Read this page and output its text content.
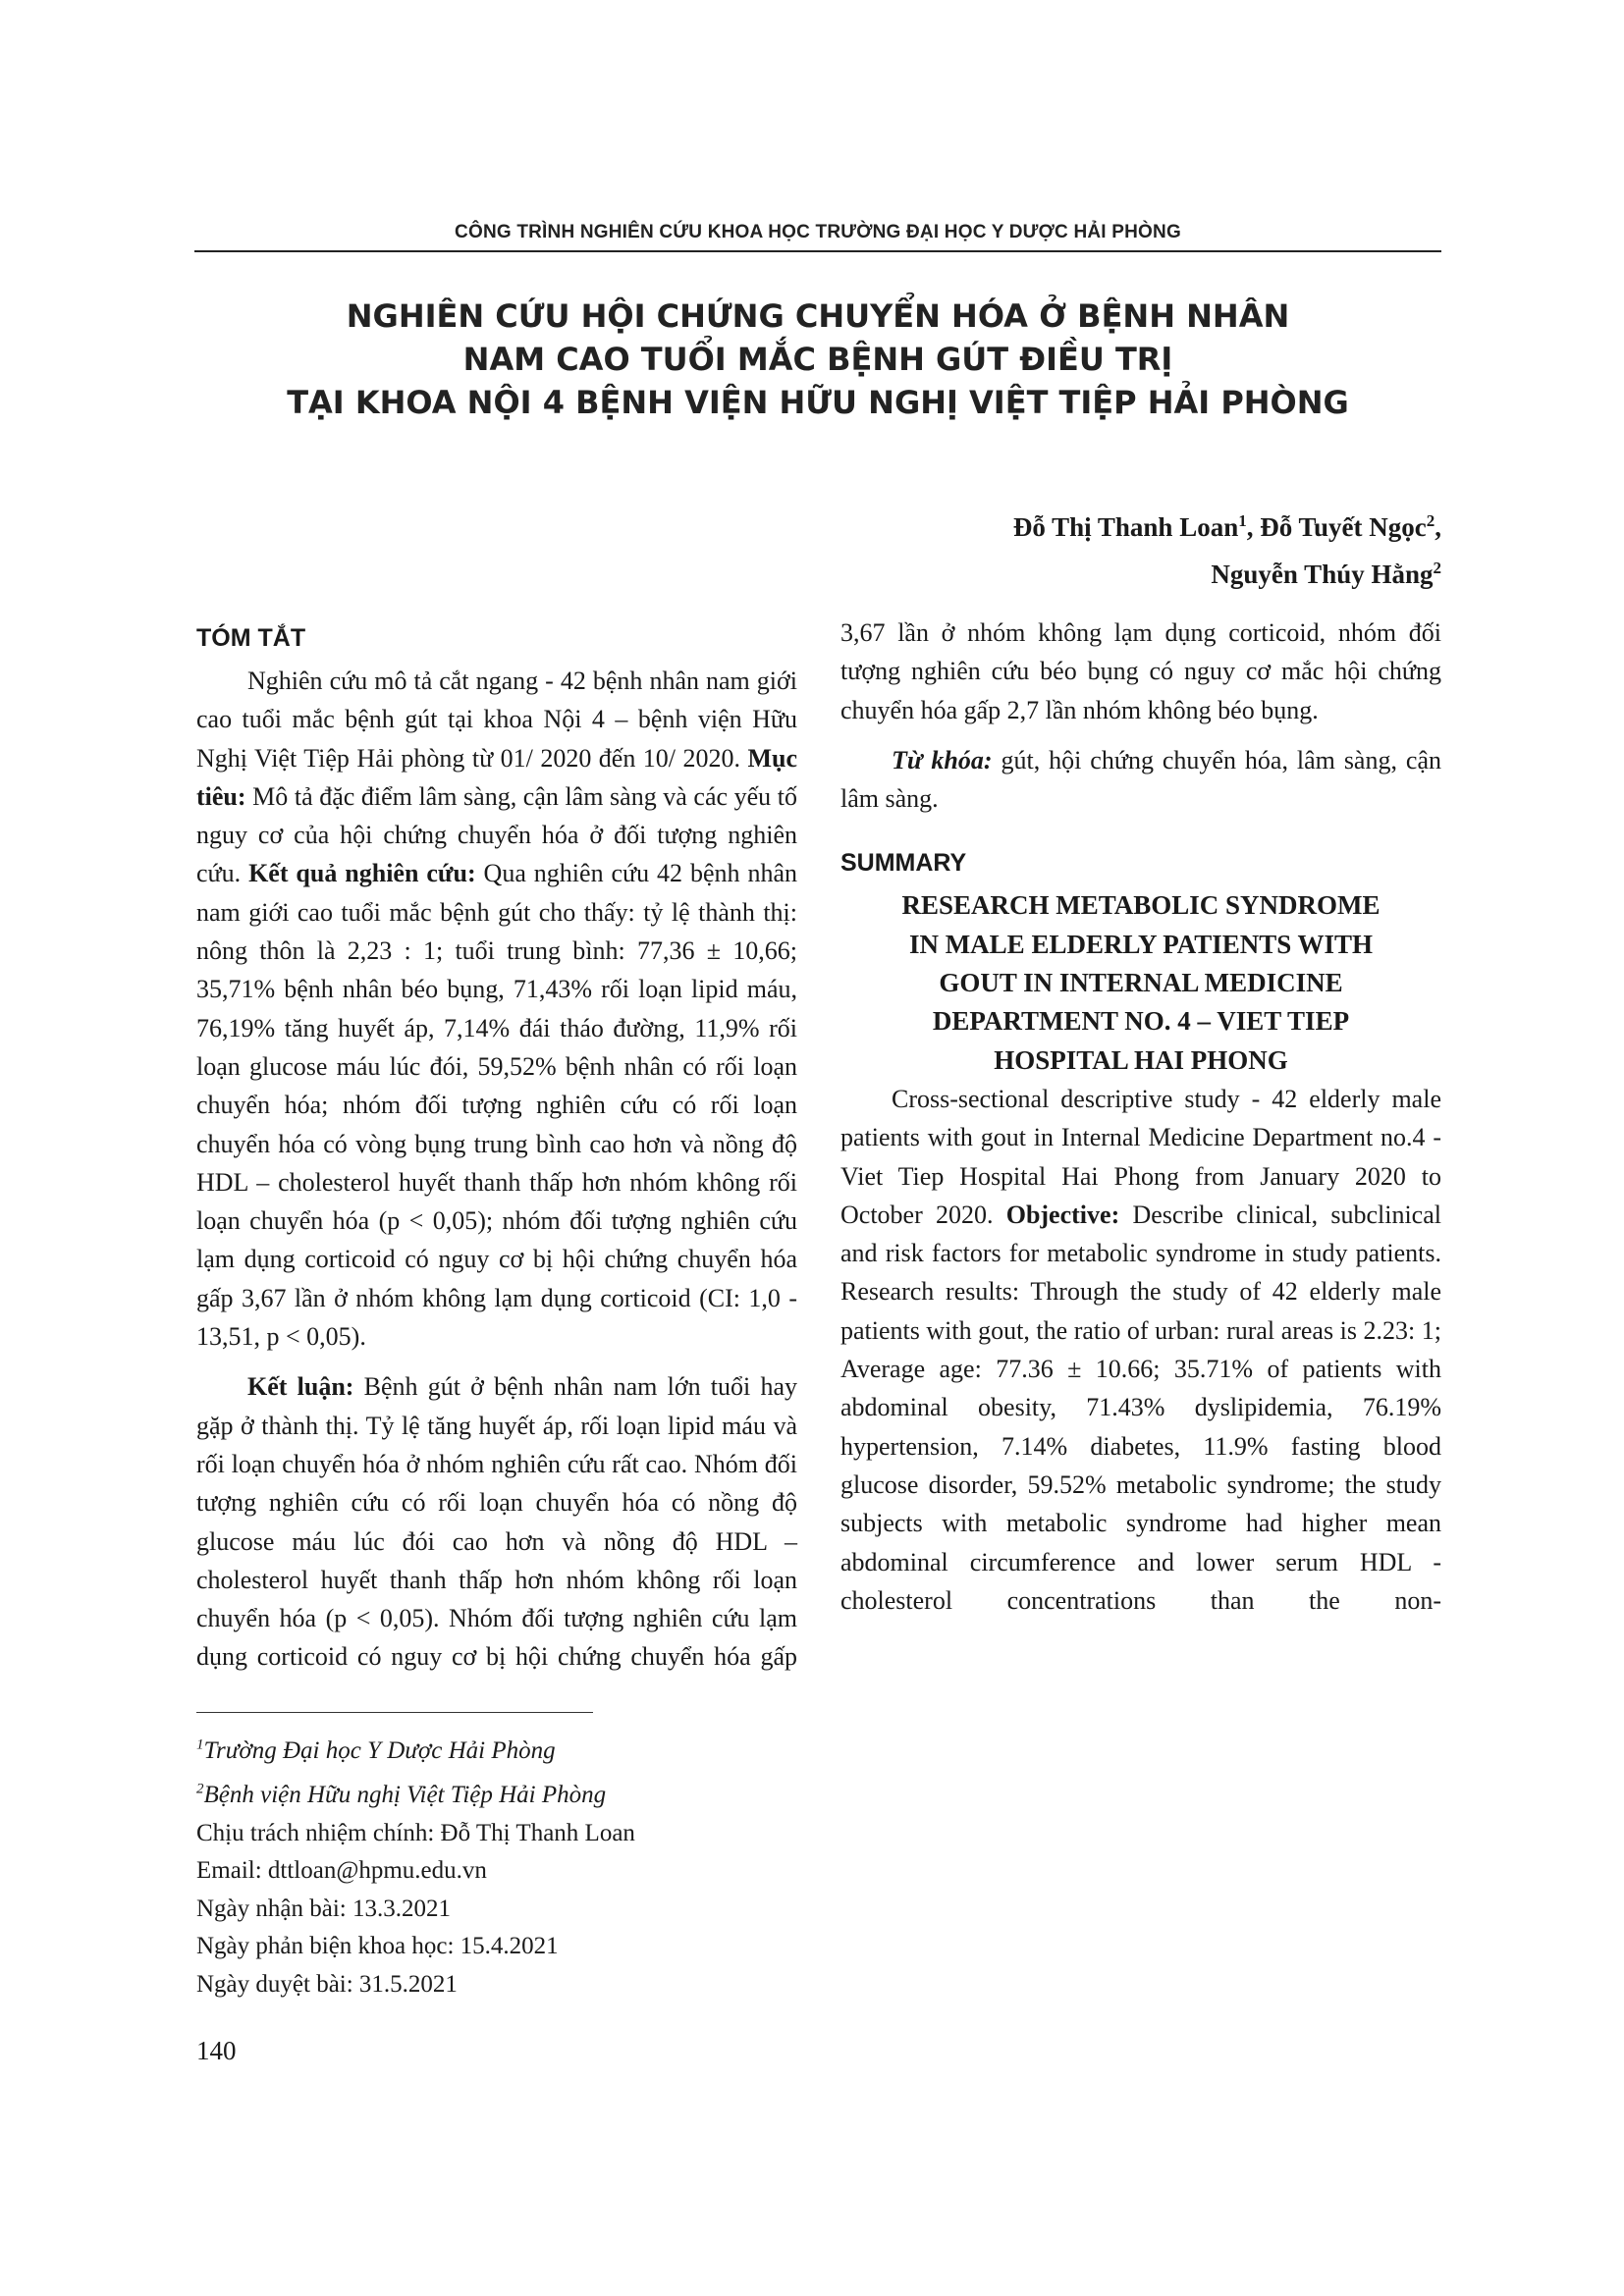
CÔNG TRÌNH NGHIÊN CỨU KHOA HỌC TRƯỜNG ĐẠI HỌC Y DƯỢC HẢI PHÒNG
NGHIÊN CỨU HỘI CHỨNG CHUYỂN HÓA Ở BỆNH NHÂN
NAM CAO TUỔI MẮC BỆNH GÚT ĐIỀU TRỊ
TẠI KHOA NỘI 4 BỆNH VIỆN HỮU NGHỊ VIỆT TIỆP HẢI PHÒNG
Đỗ Thị Thanh Loan$^1$, Đỗ Tuyết Ngọc$^2$,
Nguyễn Thúy Hằng$^2$
TÓM TẮT

Nghiên cứu mô tả cắt ngang - 42 bệnh nhân nam giới cao tuổi mắc bệnh gút tại khoa Nội 4 – bệnh viện Hữu Nghị Việt Tiệp Hải phòng từ 01/ 2020 đến 10/ 2020. Mục tiêu: Mô tả đặc điểm lâm sàng, cận lâm sàng và các yếu tố nguy cơ của hội chứng chuyển hóa ở đối tượng nghiên cứu. Kết quả nghiên cứu: Qua nghiên cứu 42 bệnh nhân nam giới cao tuổi mắc bệnh gút cho thấy: tỷ lệ thành thị: nông thôn là 2,23 : 1; tuổi trung bình: 77,36 ± 10,66; 35,71% bệnh nhân béo bụng, 71,43% rối loạn lipid máu, 76,19% tăng huyết áp, 7,14% đái tháo đường, 11,9% rối loạn glucose máu lúc đói, 59,52% bệnh nhân có rối loạn chuyển hóa; nhóm đối tượng nghiên cứu có rối loạn chuyển hóa có vòng bụng trung bình cao hơn và nồng độ HDL – cholesterol huyết thanh thấp hơn nhóm không rối loạn chuyển hóa (p < 0,05); nhóm đối tượng nghiên cứu lạm dụng corticoid có nguy cơ bị hội chứng chuyển hóa gấp 3,67 lần ở nhóm không lạm dụng corticoid (CI: 1,0 - 13,51, p < 0,05).

Kết luận: Bệnh gút ở bệnh nhân nam lớn tuổi hay gặp ở thành thị. Tỷ lệ tăng huyết áp, rối loạn lipid máu và rối loạn chuyển hóa ở nhóm nghiên cứu rất cao. Nhóm đối tượng nghiên cứu có rối loạn chuyển hóa có nồng độ glucose máu lúc đói cao hơn và nồng độ HDL – cholesterol huyết thanh thấp hơn nhóm không rối loạn chuyển hóa (p < 0,05). Nhóm đối tượng nghiên cứu lạm dụng corticoid có nguy cơ bị hội chứng chuyển hóa gấp

3,67 lần ở nhóm không lạm dụng corticoid, nhóm đối tượng nghiên cứu béo bụng có nguy cơ mắc hội chứng chuyển hóa gấp 2,7 lần nhóm không béo bụng.

Từ khóa: gút, hội chứng chuyển hóa, lâm sàng, cận lâm sàng.

SUMMARY
RESEARCH METABOLIC SYNDROME
IN MALE ELDERLY PATIENTS WITH
GOUT IN INTERNAL MEDICINE
DEPARTMENT NO. 4 – VIET TIEP
HOSPITAL HAI PHONG

Cross-sectional descriptive study - 42 elderly male patients with gout in Internal Medicine Department no.4 - Viet Tiep Hospital Hai Phong from January 2020 to October 2020. Objective: Describe clinical, subclinical and risk factors for metabolic syndrome in study patients. Research results: Through the study of 42 elderly male patients with gout, the ratio of urban: rural areas is 2.23: 1; Average age: 77.36 ± 10.66; 35.71% of patients with abdominal obesity, 71.43% dyslipidemia, 76.19% hypertension, 7.14% diabetes, 11.9% fasting blood glucose disorder, 59.52% metabolic syndrome; the study subjects with metabolic syndrome had higher mean abdominal circumference and lower serum HDL - cholesterol concentrations than the non-

$^1$Trường Đại học Y Dược Hải Phòng

$^2$Bệnh viện Hữu nghị Việt Tiệp Hải Phòng

Chịu trách nhiệm chính: Đỗ Thị Thanh Loan

Email: dttloan@hpmu.edu.vn

Ngày nhận bài: 13.3.2021

Ngày phản biện khoa học: 15.4.2021

Ngày duyệt bài: 31.5.2021

140
